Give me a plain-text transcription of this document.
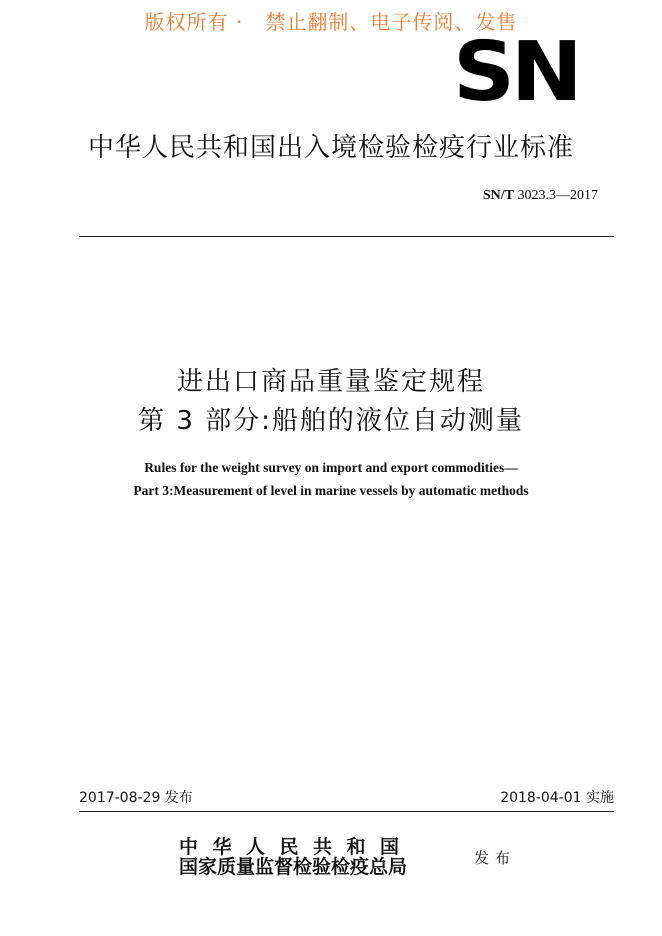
版权所有 ·   禁止翻制、电子传阅、发售
SN
中华人民共和国出入境检验检疫行业标准
SN/T 3023.3—2017
进出口商品重量鉴定规程
第 3 部分:船舶的液位自动测量
Rules for the weight survey on import and export commodities—
Part 3:Measurement of level in marine vessels by automatic methods
2017-08-29 发布	2018-04-01 实施
中华人民共和国
国家质量监督检验检疫总局	发布
